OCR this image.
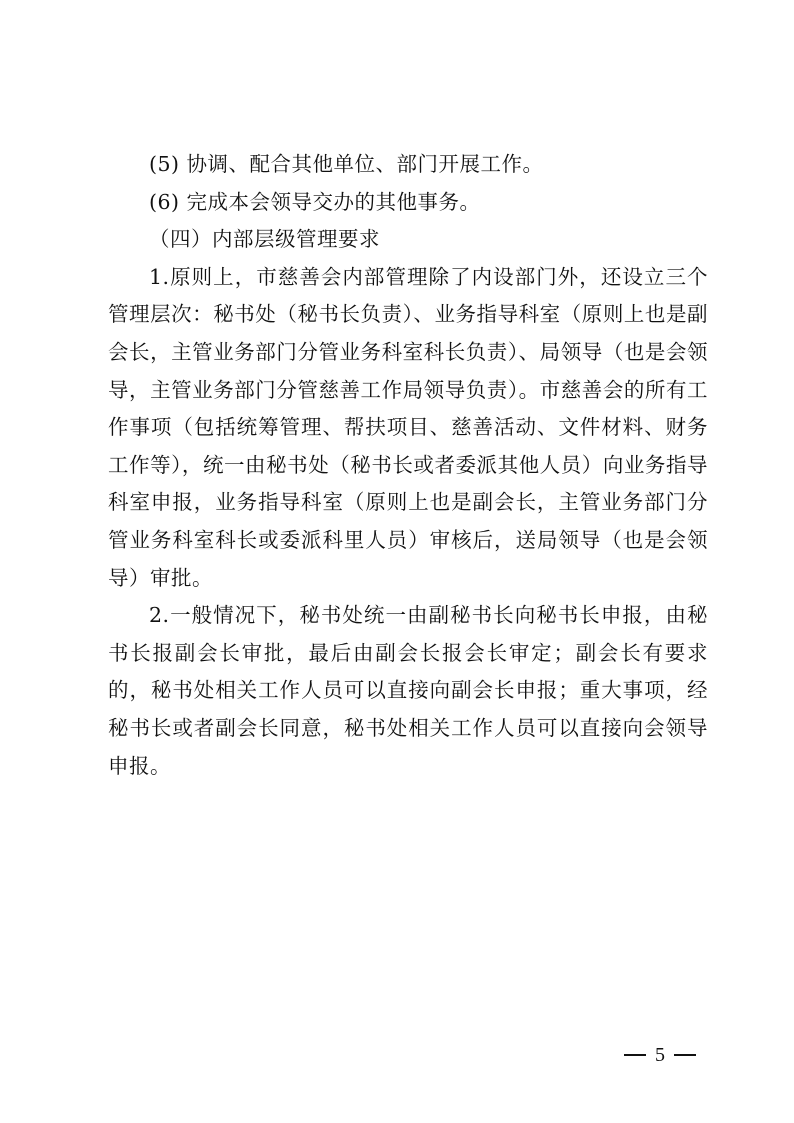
(5) 协调、配合其他单位、部门开展工作。

(6) 完成本会领导交办的其他事务。

（四）内部层级管理要求

1.原则上，市慈善会内部管理除了内设部门外，还设立三个管理层次：秘书处（秘书长负责）、业务指导科室（原则上也是副会长，主管业务部门分管业务科室科长负责）、局领导（也是会领导，主管业务部门分管慈善工作局领导负责）。市慈善会的所有工作事项（包括统筹管理、帮扶项目、慈善活动、文件材料、财务工作等），统一由秘书处（秘书长或者委派其他人员）向业务指导科室申报，业务指导科室（原则上也是副会长，主管业务部门分管业务科室科长或委派科里人员）审核后，送局领导（也是会领导）审批。

2.一般情况下，秘书处统一由副秘书长向秘书长申报，由秘书长报副会长审批，最后由副会长报会长审定；副会长有要求的，秘书处相关工作人员可以直接向副会长申报；重大事项，经秘书长或者副会长同意，秘书处相关工作人员可以直接向会领导申报。

5
